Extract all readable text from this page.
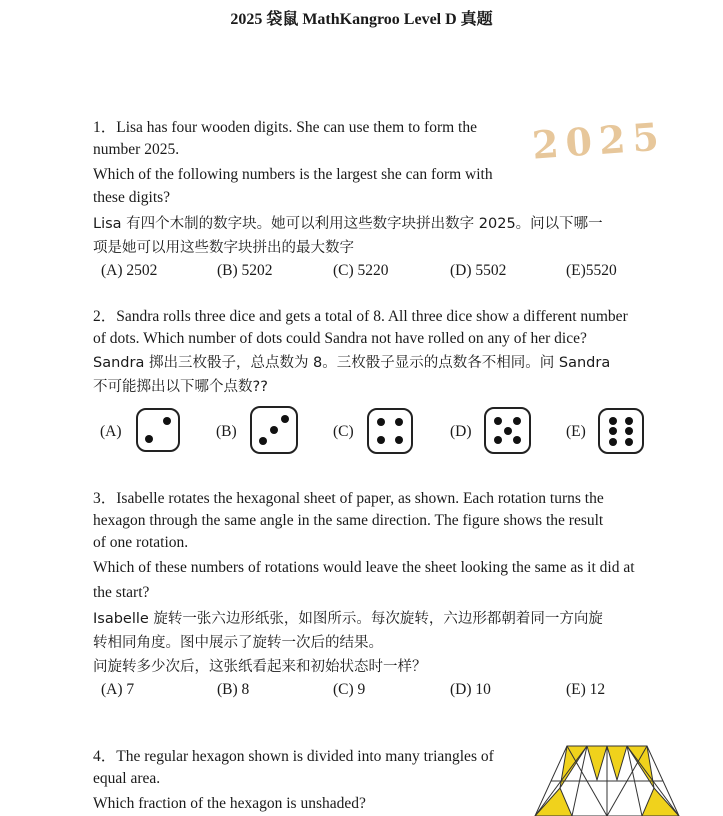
2025 袋鼠 MathKangroo Level D 真题
2025
1．Lisa has four wooden digits. She can use them to form the
number 2025.
Which of the following numbers is the largest she can form with
these digits?
Lisa 有四个木制的数字块。她可以利用这些数字块拼出数字 2025。问以下哪一
项是她可以用这些数字块拼出的最大数字
(A) 2502	(B) 5202	(C) 5220	(D) 5502	(E)5520
2．Sandra rolls three dice and gets a total of 8. All three dice show a different number
of dots. Which number of dots could Sandra not have rolled on any of her dice?
Sandra 掷出三枚骰子，总点数为 8。三枚骰子显示的点数各不相同。问 Sandra
不可能掷出以下哪个点数??
(A)	(B)	(C)	(D)	(E)
3．Isabelle rotates the hexagonal sheet of paper, as shown. Each rotation turns the
hexagon through the same angle in the same direction. The figure shows the result
of one rotation.
Which of these numbers of rotations would leave the sheet looking the same as it did at
the start?
Isabelle 旋转一张六边形纸张，如图所示。每次旋转，六边形都朝着同一方向旋
转相同角度。图中展示了旋转一次后的结果。
问旋转多少次后，这张纸看起来和初始状态时一样？
(A) 7	(B) 8	(C) 9	(D) 10	(E) 12
4．The regular hexagon shown is divided into many triangles of
equal area.
Which fraction of the hexagon is unshaded?
